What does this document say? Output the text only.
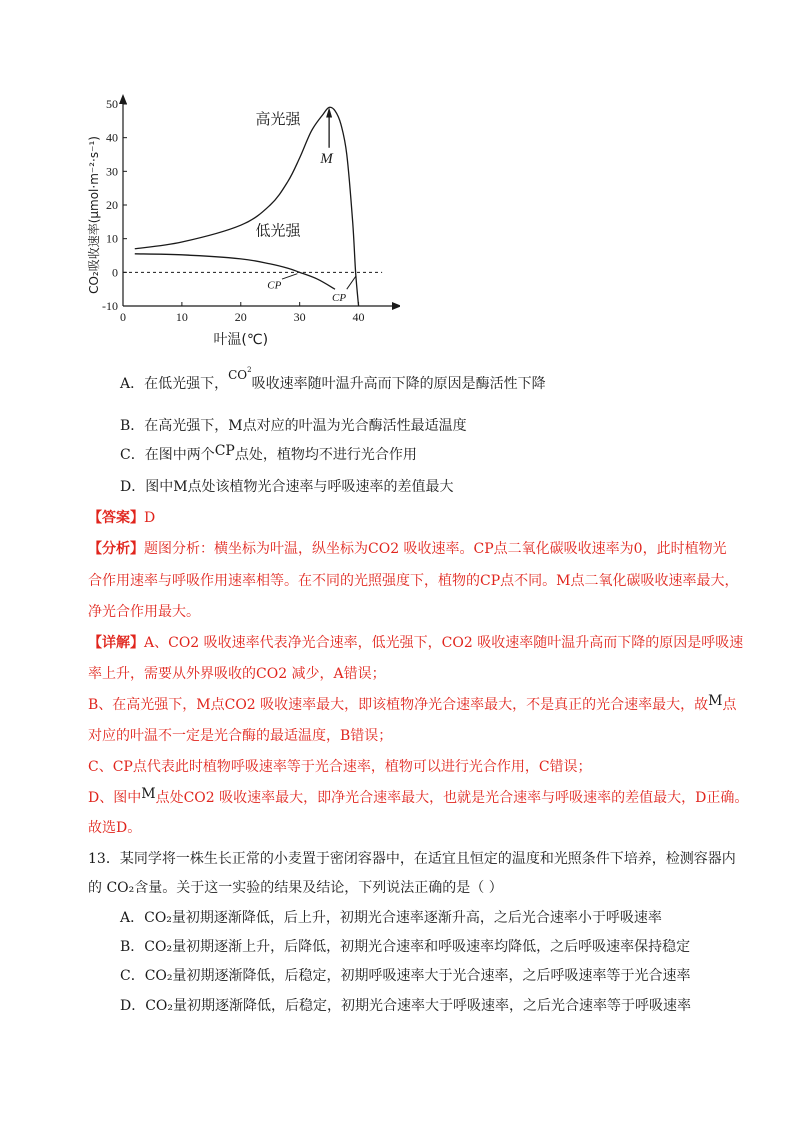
50
40
30
20
10
0
-10
0	10	20	30	40
叶温(℃)
CO₂吸收速率(μmol·m⁻²·s⁻¹)
高光强
低光强
M
CP
CP
A．在低光强下，$CO^2$吸收速率随叶温升高而下降的原因是酶活性下降
B．在高光强下，M点对应的叶温为光合酶活性最适温度
C．在图中两个CP点处，植物均不进行光合作用
D．图中M点处该植物光合速率与呼吸速率的差值最大
【答案】D
【分析】题图分析：横坐标为叶温，纵坐标为CO2 吸收速率。CP点二氧化碳吸收速率为0，此时植物光
合作用速率与呼吸作用速率相等。在不同的光照强度下，植物的CP点不同。M点二氧化碳吸收速率最大，
净光合作用最大。
【详解】A、CO2 吸收速率代表净光合速率，低光强下，CO2 吸收速率随叶温升高而下降的原因是呼吸速
率上升，需要从外界吸收的CO2 减少，A错误；
B、在高光强下，M点CO2 吸收速率最大，即该植物净光合速率最大，不是真正的光合速率最大，故M点
对应的叶温不一定是光合酶的最适温度，B错误；
C、CP点代表此时植物呼吸速率等于光合速率，植物可以进行光合作用，C错误；
D、图中M点处CO2 吸收速率最大，即净光合速率最大，也就是光合速率与呼吸速率的差值最大，D正确。
故选D。
13．某同学将一株生长正常的小麦置于密闭容器中，在适宜且恒定的温度和光照条件下培养，检测容器内
的 CO₂含量。关于这一实验的结果及结论，下列说法正确的是（ ）
A．CO₂量初期逐渐降低，后上升，初期光合速率逐渐升高，之后光合速率小于呼吸速率
B．CO₂量初期逐渐上升，后降低，初期光合速率和呼吸速率均降低，之后呼吸速率保持稳定
C．CO₂量初期逐渐降低，后稳定，初期呼吸速率大于光合速率，之后呼吸速率等于光合速率
D．CO₂量初期逐渐降低，后稳定，初期光合速率大于呼吸速率，之后光合速率等于呼吸速率
